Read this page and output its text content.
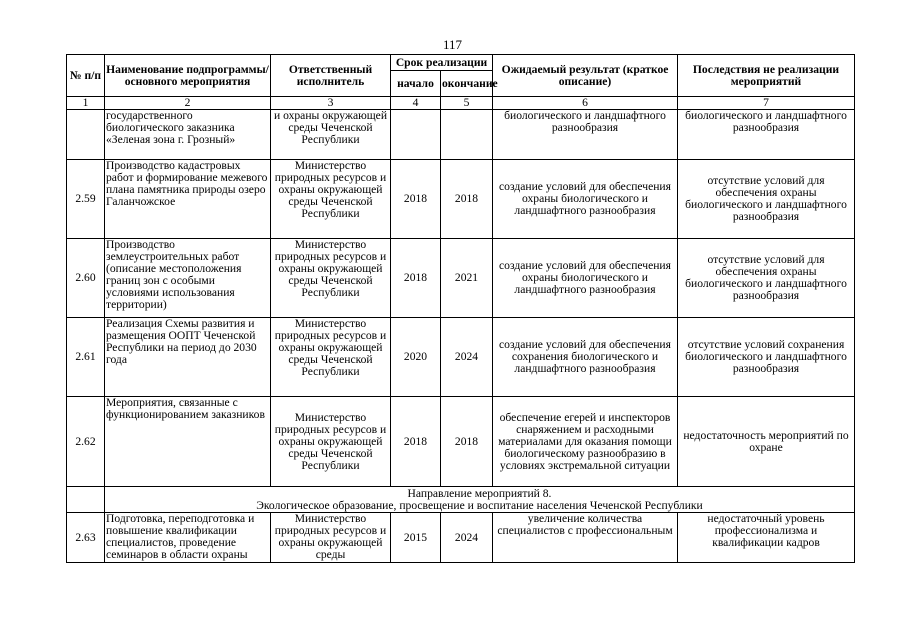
117
№ п/п	Наименование подпрограммы/ основного мероприятия	Ответственный исполнитель	Срок реализации		Ожидаемый результат (краткое описание)	Последствия не реализации мероприятий
			начало	окончание		
1	2	3	4	5	6	7
	государственного биологического заказника «Зеленая зона г. Грозный»	и охраны окружающей среды Чеченской Республики			биологического и ландшафтного разнообразия	биологического и ландшафтного разнообразия
2.59	Производство кадастровых работ и формирование межевого плана памятника природы озеро Галанчожское	Министерство природных ресурсов и охраны окружающей среды Чеченской Республики	2018	2018	создание условий для обеспечения охраны биологического и ландшафтного разнообразия	отсутствие условий для обеспечения охраны биологического и ландшафтного разнообразия
2.60	Производство землеустроительных работ (описание местоположения границ зон с особыми условиями использования территории)	Министерство природных ресурсов и охраны окружающей среды Чеченской Республики	2018	2021	создание условий для обеспечения охраны биологического и ландшафтного разнообразия	отсутствие условий для обеспечения охраны биологического и ландшафтного разнообразия
2.61	Реализация Схемы развития и размещения ООПТ Чеченской Республики на период до 2030 года	Министерство природных ресурсов и охраны окружающей среды Чеченской Республики	2020	2024	создание условий для обеспечения сохранения биологического и ландшафтного разнообразия	отсутствие условий сохранения биологического и ландшафтного разнообразия
2.62	Мероприятия, связанные с функционированием заказников	Министерство природных ресурсов и охраны окружающей среды Чеченской Республики	2018	2018	обеспечение егерей и инспекторов снаряжением и расходными материалами для оказания помощи биологическому разнообразию в условиях экстремальной ситуации	недостаточность мероприятий по охране

	Направление мероприятий 8.
Экологическое образование, просвещение и воспитание населения Чеченской Республики					

2.63	Подготовка, переподготовка и повышение квалификации специалистов, проведение семинаров в области охраны	Министерство природных ресурсов и охраны окружающей среды	2015	2024	увеличение количества специалистов с профессиональным	недостаточный уровень профессионализма и квалификации кадров
